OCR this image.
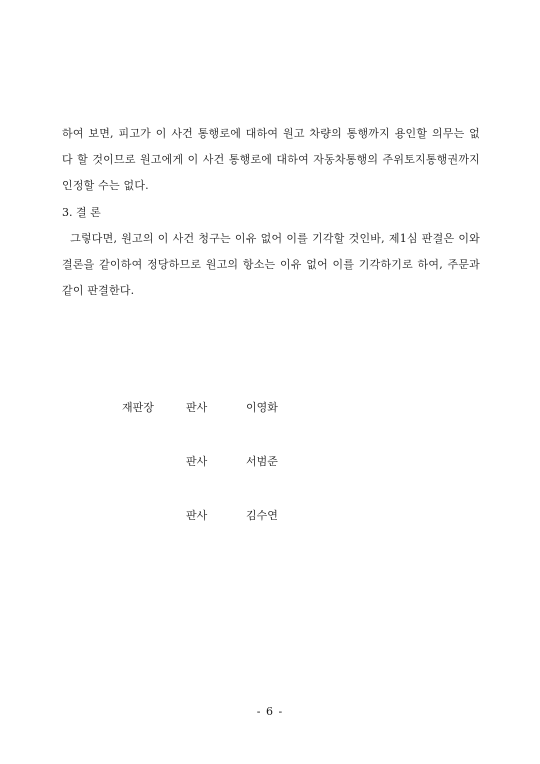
하여 보면, 피고가 이 사건 통행로에 대하여 원고 차량의 통행까지 용인할 의무는 없
다 할 것이므로 원고에게 이 사건 통행로에 대하여 자동차통행의 주위토지통행권까지
인정할 수는 없다.
3. 결 론
그렇다면, 원고의 이 사건 청구는 이유 없어 이를 기각할 것인바, 제1심 판결은 이와
결론을 같이하여 정당하므로 원고의 항소는 이유 없어 이를 기각하기로 하여, 주문과
같이 판결한다.
재판장	판사	이영화
판사	서범준
판사	김수연
- 6 -
